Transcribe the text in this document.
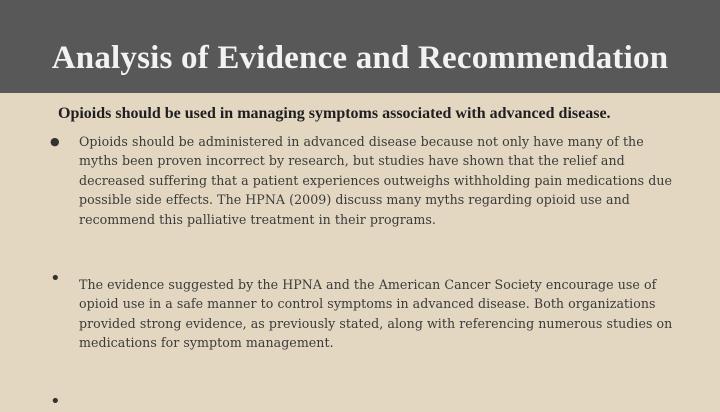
Analysis of Evidence and Recommendation
Opioids should be used in managing symptoms associated with advanced disease.
● Opioids should be administered in advanced disease because not only have many of the myths been proven incorrect by research, but studies have shown that the relief and decreased suffering that a patient experiences outweighs withholding pain medications due possible side effects. The HPNA (2009) discuss many myths regarding opioid use and recommend this palliative treatment in their programs.
• The evidence suggested by the HPNA and the American Cancer Society encourage use of opioid use in a safe manner to control symptoms in advanced disease. Both organizations provided strong evidence, as previously stated, along with referencing numerous studies on medications for symptom management.
•
